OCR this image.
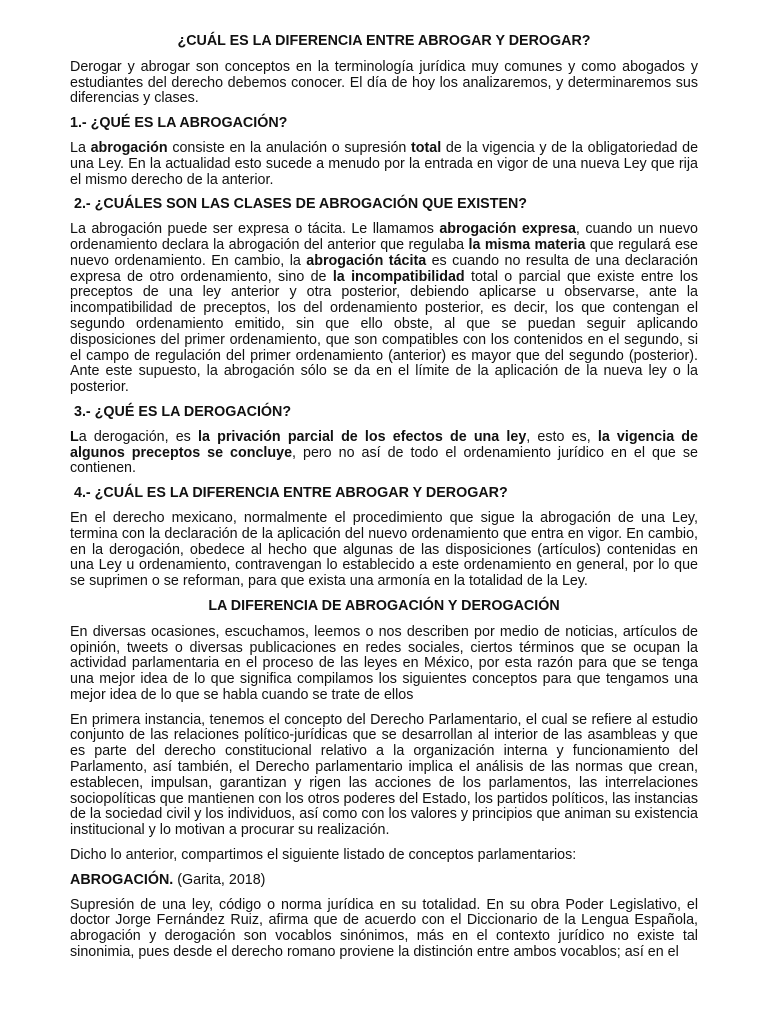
¿CUÁL ES LA DIFERENCIA ENTRE ABROGAR Y DEROGAR?

Derogar y abrogar son conceptos en la terminología jurídica muy comunes y como abogados y estudiantes del derecho debemos conocer. El día de hoy los analizaremos, y determinaremos sus diferencias y clases.

1.- ¿QUÉ ES LA ABROGACIÓN?

La abrogación consiste en la anulación o supresión total de la vigencia y de la obligatoriedad de una Ley. En la actualidad esto sucede a menudo por la entrada en vigor de una nueva Ley que rija el mismo derecho de la anterior.

2.- ¿CUÁLES SON LAS CLASES DE ABROGACIÓN QUE EXISTEN?

La abrogación puede ser expresa o tácita. Le llamamos abrogación expresa, cuando un nuevo ordenamiento declara la abrogación del anterior que regulaba la misma materia que regulará ese nuevo ordenamiento. En cambio, la abrogación tácita es cuando no resulta de una declaración expresa de otro ordenamiento, sino de la incompatibilidad total o parcial que existe entre los preceptos de una ley anterior y otra posterior, debiendo aplicarse u observarse, ante la incompatibilidad de preceptos, los del ordenamiento posterior, es decir, los que contengan el segundo ordenamiento emitido, sin que ello obste, al que se puedan seguir aplicando disposiciones del primer ordenamiento, que son compatibles con los contenidos en el segundo, si el campo de regulación del primer ordenamiento (anterior) es mayor que del segundo (posterior). Ante este supuesto, la abrogación sólo se da en el límite de la aplicación de la nueva ley o la posterior.

3.- ¿QUÉ ES LA DEROGACIÓN?

La derogación, es la privación parcial de los efectos de una ley, esto es, la vigencia de algunos preceptos se concluye, pero no así de todo el ordenamiento jurídico en el que se contienen.

4.- ¿CUÁL ES LA DIFERENCIA ENTRE ABROGAR Y DEROGAR?

En el derecho mexicano, normalmente el procedimiento que sigue la abrogación de una Ley, termina con la declaración de la aplicación del nuevo ordenamiento que entra en vigor. En cambio, en la derogación, obedece al hecho que algunas de las disposiciones (artículos) contenidas en una Ley u ordenamiento, contravengan lo establecido a este ordenamiento en general, por lo que se suprimen o se reforman, para que exista una armonía en la totalidad de la Ley.

LA DIFERENCIA DE ABROGACIÓN Y DEROGACIÓN

En diversas ocasiones, escuchamos, leemos o nos describen por medio de noticias, artículos de opinión, tweets o diversas publicaciones en redes sociales, ciertos términos que se ocupan la actividad parlamentaria en el proceso de las leyes en México, por esta razón para que se tenga una mejor idea de lo que significa compilamos los siguientes conceptos para que tengamos una mejor idea de lo que se habla cuando se trate de ellos

En primera instancia, tenemos el concepto del Derecho Parlamentario, el cual se refiere al estudio conjunto de las relaciones político-jurídicas que se desarrollan al interior de las asambleas y que es parte del derecho constitucional relativo a la organización interna y funcionamiento del Parlamento, así también, el Derecho parlamentario implica el análisis de las normas que crean, establecen, impulsan, garantizan y rigen las acciones de los parlamentos, las interrelaciones sociopolíticas que mantienen con los otros poderes del Estado, los partidos políticos, las instancias de la sociedad civil y los individuos, así como con los valores y principios que animan su existencia institucional y lo motivan a procurar su realización.

Dicho lo anterior, compartimos el siguiente listado de conceptos parlamentarios:

ABROGACIÓN. (Garita, 2018)

Supresión de una ley, código o norma jurídica en su totalidad. En su obra Poder Legislativo, el doctor Jorge Fernández Ruiz, afirma que de acuerdo con el Diccionario de la Lengua Española, abrogación y derogación son vocablos sinónimos, más en el contexto jurídico no existe tal sinonimia, pues desde el derecho romano proviene la distinción entre ambos vocablos; así en el
